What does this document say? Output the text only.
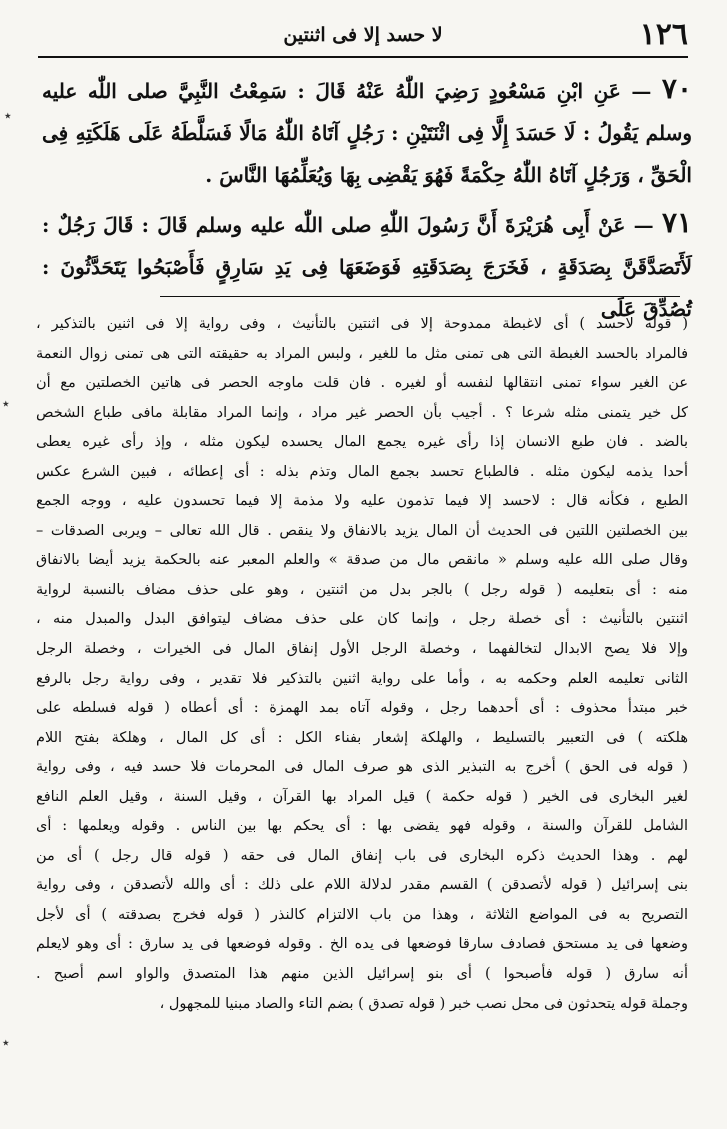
١٢٦
لا حسد إلا فى اثنتين

٧٠ — عَنِ ابْنِ مَسْعُودٍ رَضِيَ اللّٰهُ عَنْهُ قَالَ : سَمِعْتُ النَّبِيَّ صلى اللّٰه عليه وسلم يَقُولُ : لَا حَسَدَ إِلَّا فِى اثْنَتَيْنِ : رَجُلٍ آتَاهُ اللّٰهُ مَالًا فَسَلَّطَهُ عَلَى هَلَكَتِهِ فِى الْحَقِّ ، وَرَجُلٍ آتَاهُ اللّٰهُ حِكْمَةً فَهُوَ يَقْضِى بِهَا وَيُعَلِّمُهَا النَّاسَ .

٧١ — عَنْ أَبِى هُرَيْرَةَ أَنَّ رَسُولَ اللّٰهِ صلى اللّٰه عليه وسلم قَالَ : قَالَ رَجُلٌ : لَأَتَصَدَّقَنَّ بِصَدَقَةٍ ، فَخَرَجَ بِصَدَقَتِهِ فَوَضَعَهَا فِى يَدِ سَارِقٍ فَأَصْبَحُوا يَتَحَدَّثُونَ : تُصُدِّقَ عَلَى

( قوله لاحسد ) أى لاغبطة ممدوحة إلا فى اثنتين بالتأنيث ، وفى رواية إلا فى اثنين بالتذكير ،
فالمراد بالحسد الغبطة التى هى تمنى مثل ما للغير ، ولبس المراد به حقيقته التى هى تمنى زوال النعمة
عن الغير سواء تمنى انتقالها لنفسه أو لغيره . فان قلت ماوجه الحصر فى هاتين الخصلتين مع أن
كل خير يتمنى مثله شرعا ؟ . أجيب بأن الحصر غير مراد ، وإنما المراد مقابلة مافى طباع الشخص
بالضد . فان طبع الانسان إذا رأى غيره يجمع المال يحسده ليكون مثله ، وإذ رأى غيره يعطى
أحدا يذمه ليكون مثله . فالطباع تحسد بجمع المال وتذم بذله : أى إعطائه ، فبين الشرع عكس
الطبع ، فكأنه قال : لاحسد إلا فيما تذمون عليه ولا مذمة إلا فيما تحسدون عليه ، ووجه الجمع
بين الخصلتين اللتين فى الحديث أن المال يزيد بالانفاق ولا ينقص . قال الله تعالى – ويربى الصدقات –
وقال صلى الله عليه وسلم « مانقص مال من صدقة » والعلم المعبر عنه بالحكمة يزيد أيضا بالانفاق
منه : أى بتعليمه ( قوله رجل ) بالجر بدل من اثنتين ، وهو على حذف مضاف بالنسبة لرواية
اثنتين بالتأنيث : أى خصلة رجل ، وإنما كان على حذف مضاف ليتوافق البدل والمبدل منه ،
وإلا فلا يصح الابدال لتخالفهما ، وخصلة الرجل الأول إنفاق المال فى الخيرات ، وخصلة الرجل
الثانى تعليمه العلم وحكمه به ، وأما على رواية اثنين بالتذكير فلا تقدير ، وفى رواية رجل بالرفع
خبر مبتدأ محذوف : أى أحدهما رجل ، وقوله آتاه بمد الهمزة : أى أعطاه ( قوله فسلطه على
هلكته ) فى التعبير بالتسليط ، والهلكة إشعار بفناء الكل : أى كل المال ، وهلكة بفتح اللام
( قوله فى الحق ) أخرج به التبذير الذى هو صرف المال فى المحرمات فلا حسد فيه ، وفى رواية
لغير البخارى فى الخير ( قوله حكمة ) قيل المراد بها القرآن ، وقيل السنة ، وقيل العلم النافع
الشامل للقرآن والسنة ، وقوله فهو يقضى بها : أى يحكم بها بين الناس . وقوله ويعلمها : أى
لهم . وهذا الحديث ذكره البخارى فى باب إنفاق المال فى حقه ( قوله قال رجل ) أى من
بنى إسرائيل ( قوله لأتصدقن ) القسم مقدر لدلالة اللام على ذلك : أى والله لأتصدقن ، وفى رواية
التصريح به فى المواضع الثلاثة ، وهذا من باب الالتزام كالنذر ( قوله فخرج بصدقته ) أى لأجل
وضعها فى يد مستحق فصادف سارقا فوضعها فى يده الخ . وقوله فوضعها فى يد سارق : أى وهو لايعلم
أنه سارق ( قوله فأصبحوا ) أى بنو إسرائيل الذين منهم هذا المتصدق والواو اسم أصبح .
وجملة قوله يتحدثون فى محل نصب خبر ( قوله تصدق ) بضم التاء والصاد مبنيا للمجهول ،
٭
٭
٭
